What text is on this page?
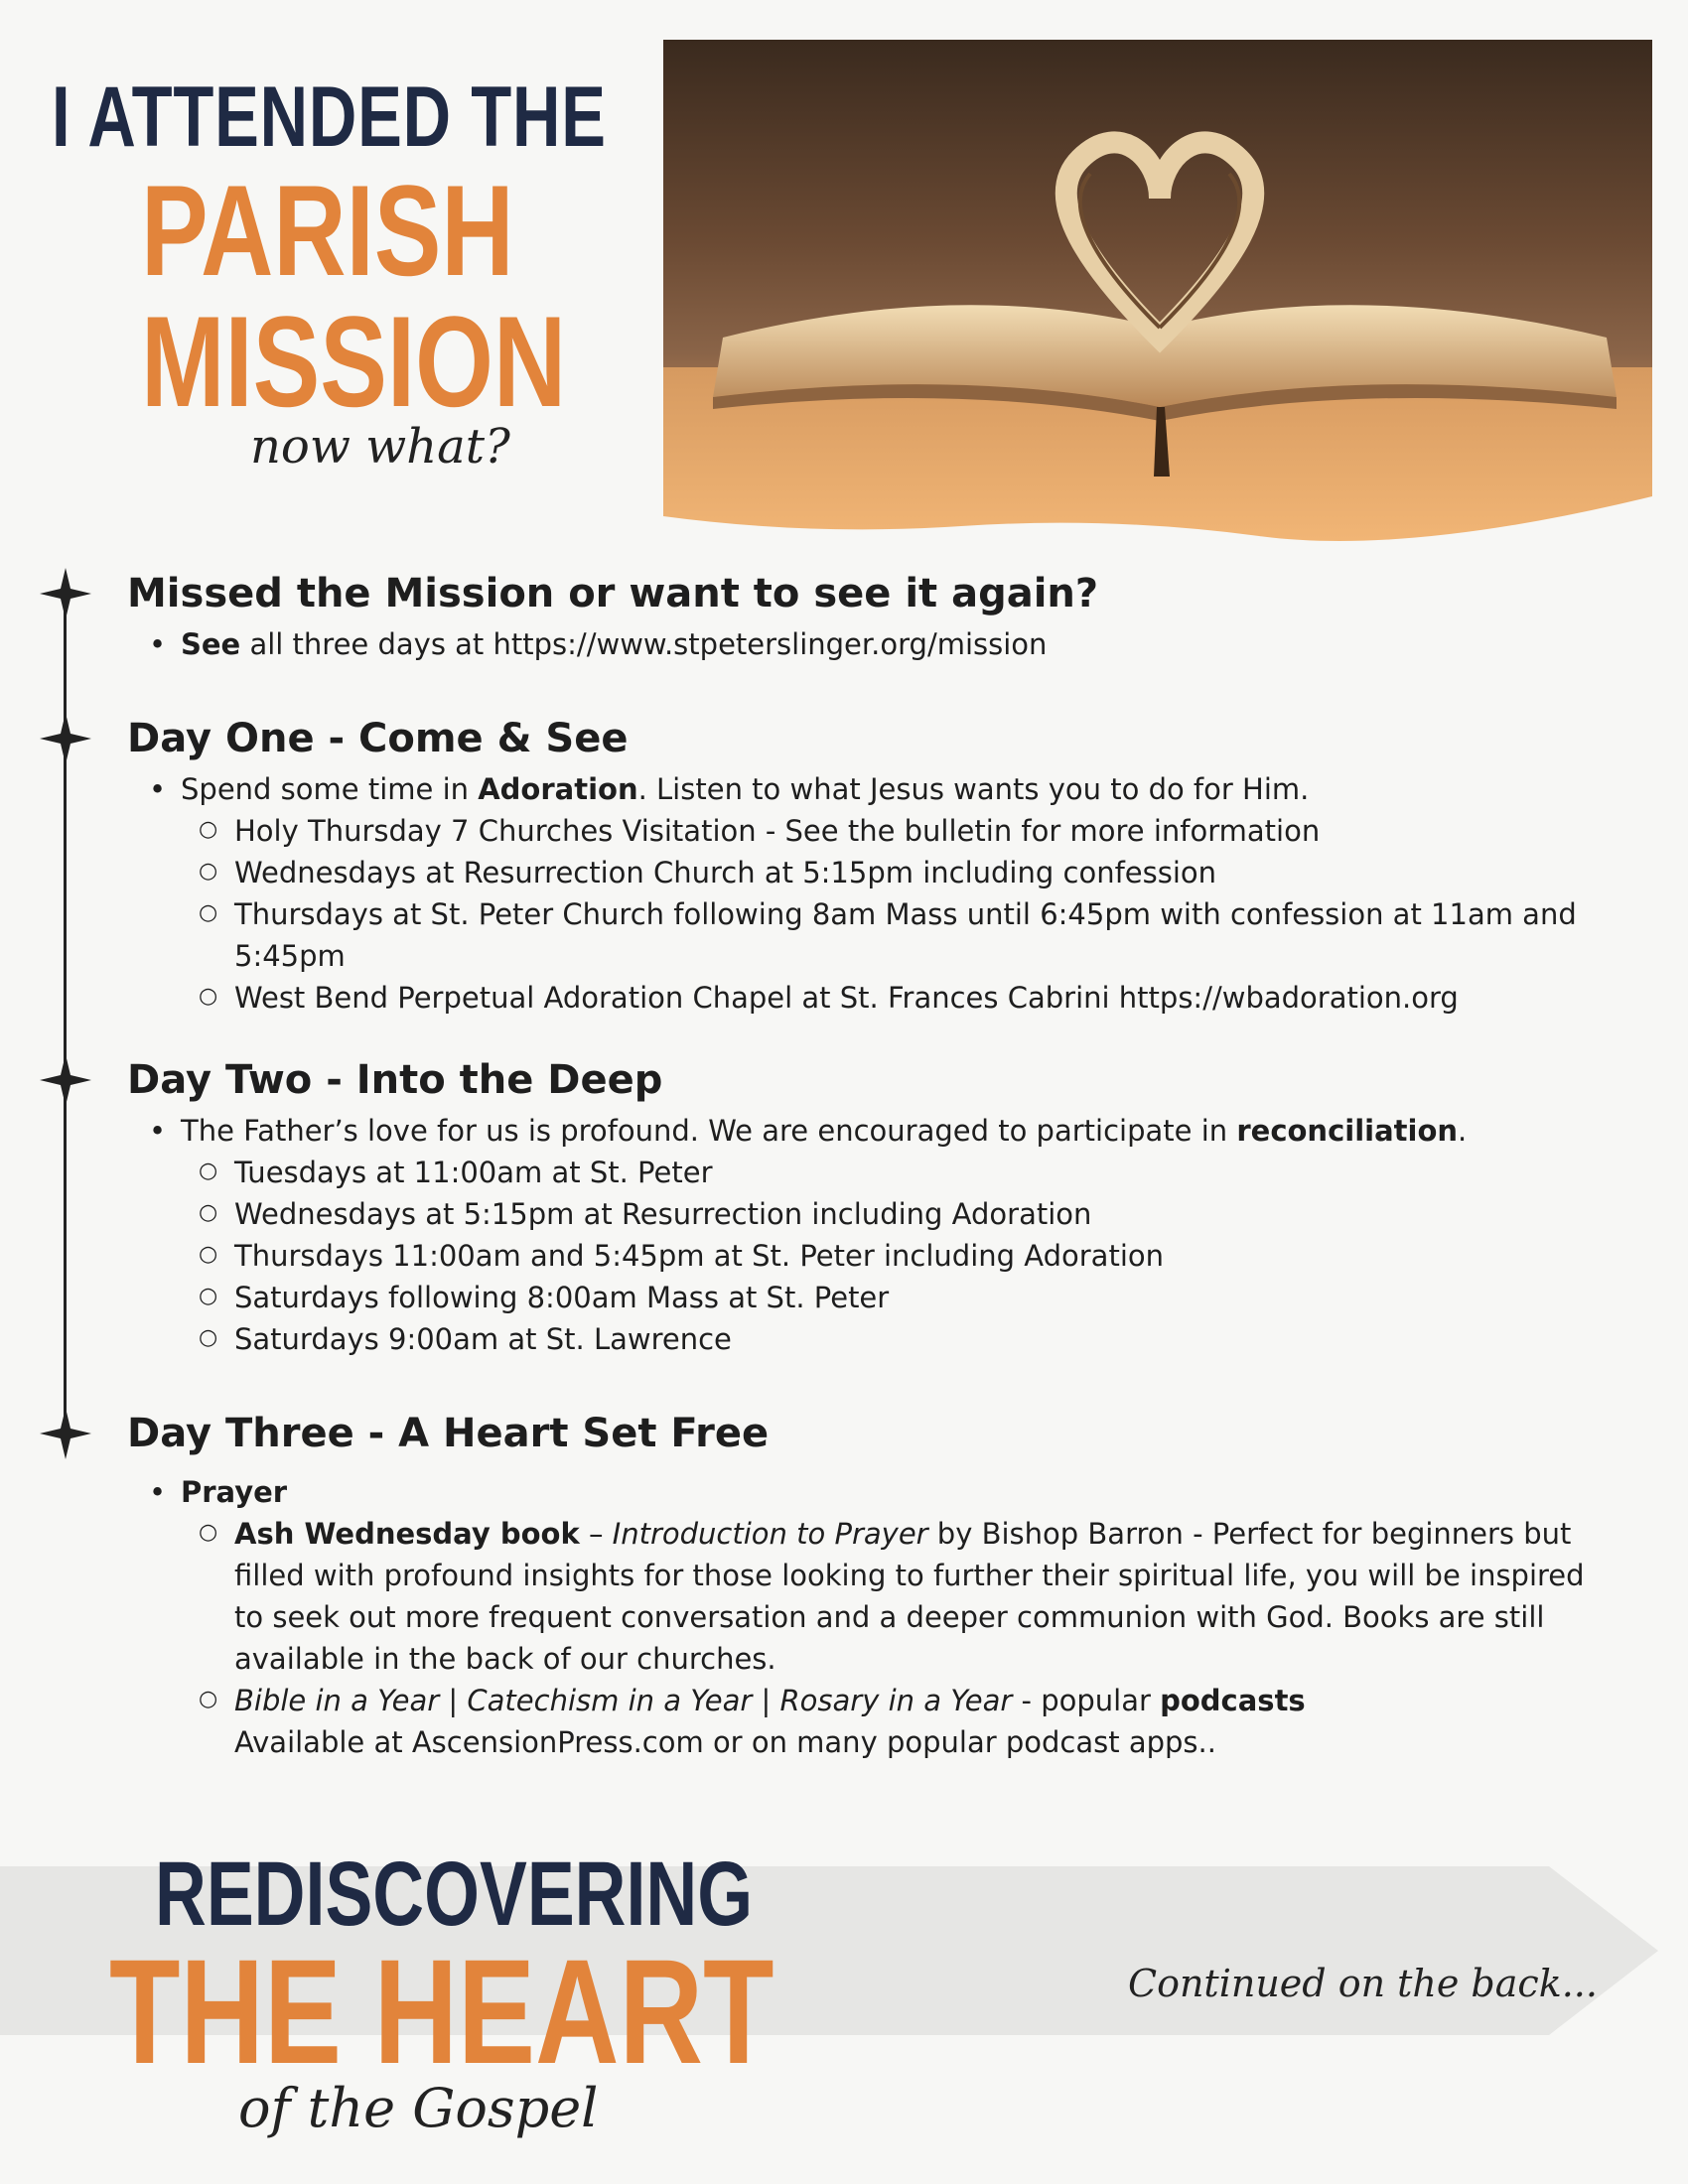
I ATTENDED THE
PARISH
MISSION
now what?
Missed the Mission or want to see it again?
• See all three days at https://www.stpeterslinger.org/mission
Day One - Come & See
• Spend some time in Adoration. Listen to what Jesus wants you to do for Him.
○ Holy Thursday 7 Churches Visitation - See the bulletin for more information
○ Wednesdays at Resurrection Church at 5:15pm including confession
○ Thursdays at St. Peter Church following 8am Mass until 6:45pm with confession at 11am and 5:45pm
○ West Bend Perpetual Adoration Chapel at St. Frances Cabrini https://wbadoration.org
Day Two - Into the Deep
• The Father’s love for us is profound. We are encouraged to participate in reconciliation.
○ Tuesdays at 11:00am at St. Peter
○ Wednesdays at 5:15pm at Resurrection including Adoration
○ Thursdays 11:00am and 5:45pm at St. Peter including Adoration
○ Saturdays following 8:00am Mass at St. Peter
○ Saturdays 9:00am at St. Lawrence
Day Three - A Heart Set Free
• Prayer
○ Ash Wednesday book – Introduction to Prayer by Bishop Barron - Perfect for beginners but filled with profound insights for those looking to further their spiritual life, you will be inspired to seek out more frequent conversation and a deeper communion with God. Books are still available in the back of our churches.
○ Bible in a Year | Catechism in a Year | Rosary in a Year - popular podcasts
Available at AscensionPress.com or on many popular podcast apps..
REDISCOVERING
THE HEART
of the Gospel
Continued on the back...
